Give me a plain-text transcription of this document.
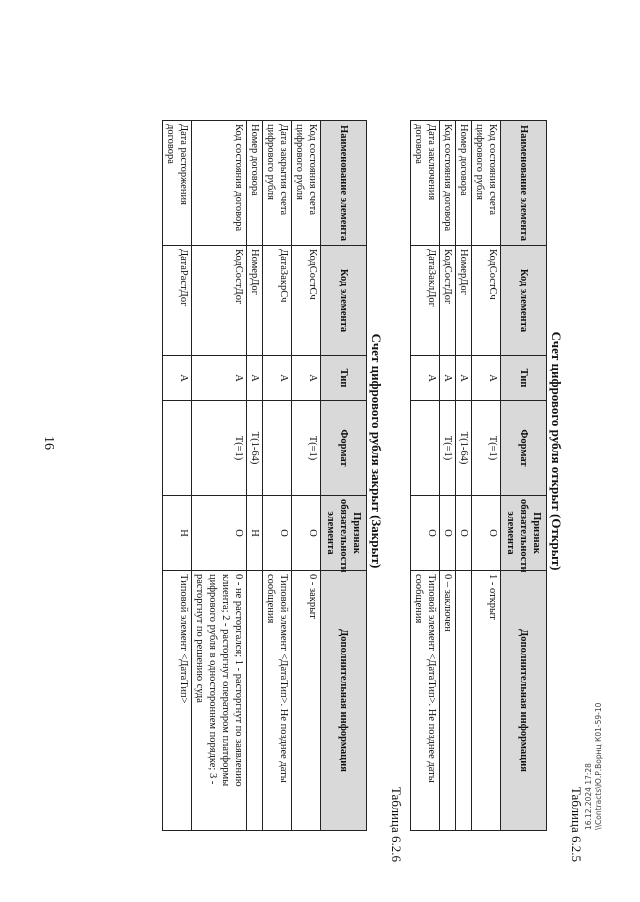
Таблица 6.2.5
Счет цифрового рубля открыт (Открыт)
Наименование элемента	Код элемента	Тип	Формат	Признак обязательности элемента	Дополнительная информация
Код состояния счета цифрового рубля	КодСостСч	А	T(=1)	О	1 - открыт
Номер договора	НомерДог	А	T(1-64)	О	
Код состояния договора	КодСостДог	А	T(=1)	О	0 – заключен
Дата заключения договора	ДатаЗаклДог	А		О	Типовой элемент <ДатаТип>. Не позднее даты сообщения
Таблица 6.2.6
Счет цифрового рубля закрыт (Закрыт)
Наименование элемента	Код элемента	Тип	Формат	Признак обязательности элемента	Дополнительная информация
Код состояния счета цифрового рубля	КодСостСч	А	T(=1)	О	0 - закрыт
Дата закрытия счета цифрового рубля	ДатаЗакрСч	А		О	Типовой элемент <ДатаТип>. Не позднее даты сообщения
Номер договора	НомерДог	А	T(1-64)	Н	
Код состояния договора	КодСостДог	А	T(=1)	О	0 - не расторгался; 1 - расторгнут по заявлению клиента; 2 - расторгнут оператором платформы цифрового рубля в одностороннем порядке; 3 - расторгнут по решению суда
Дата расторжения договора	ДатаРастДог	А		Н	Типовой элемент <ДатаТип>
16
16.12.2024 17:28 \\Contracts\Ю.Р.Ворнц К01-59-10
